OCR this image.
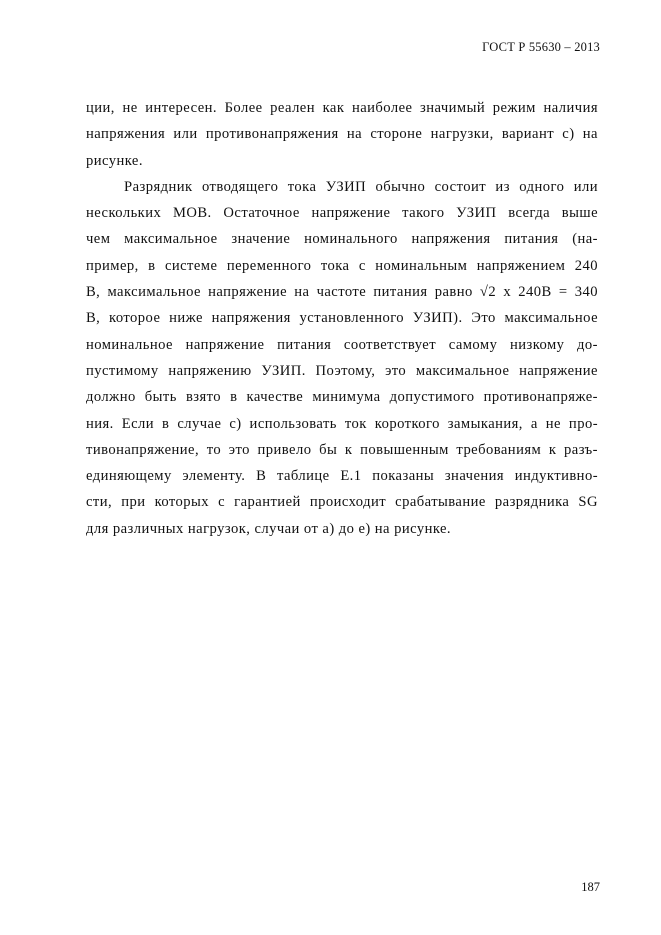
ГОСТ Р 55630 – 2013
ции, не интересен. Более реален как наиболее значимый режим наличия
напряжения или противонапряжения на стороне нагрузки, вариант с) на
рисунке.
Разрядник отводящего тока УЗИП обычно состоит из одного или
нескольких МОВ. Остаточное напряжение такого УЗИП всегда выше
чем максимальное значение номинального напряжения питания (на-
пример, в системе переменного тока с номинальным напряжением 240
В, максимальное напряжение на частоте питания равно √2 х 240В = 340
В, которое ниже напряжения установленного УЗИП). Это максимальное
номинальное напряжение питания соответствует самому низкому до-
пустимому напряжению УЗИП. Поэтому, это максимальное напряжение
должно быть взято в качестве минимума допустимого противонапряже-
ния. Если в случае с) использовать ток короткого замыкания, а не про-
тивонапряжение, то это привело бы к повышенным требованиям к разъ-
единяющему элементу. В таблице Е.1 показаны значения индуктивно-
сти, при которых с гарантией происходит срабатывание разрядника SG
для различных нагрузок, случаи от а) до е) на рисунке.
187
